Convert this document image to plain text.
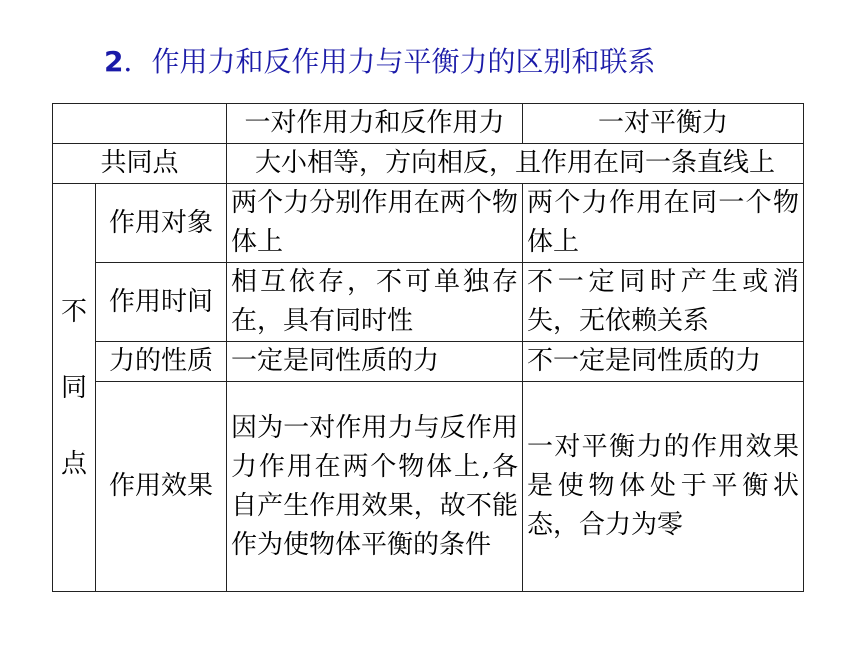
2．作用力和反作用力与平衡力的区别和联系
		一对作用力和反作用力	一对平衡力
共同点		大小相等，方向相反，且作用在同一条直线上	

不
同
点	作用对象	两个力分别作用在两个物体上	两个力作用在同一个物体上
	作用时间	相互依存，不可单独存在，具有同时性	不一定同时产生或消失，无依赖关系
	力的性质	一定是同性质的力	不一定是同性质的力
	作用效果	因为一对作用力与反作用力作用在两个物体上,各自产生作用效果，故不能作为使物体平衡的条件	一对平衡力的作用效果是使物体处于平衡状态，合力为零
